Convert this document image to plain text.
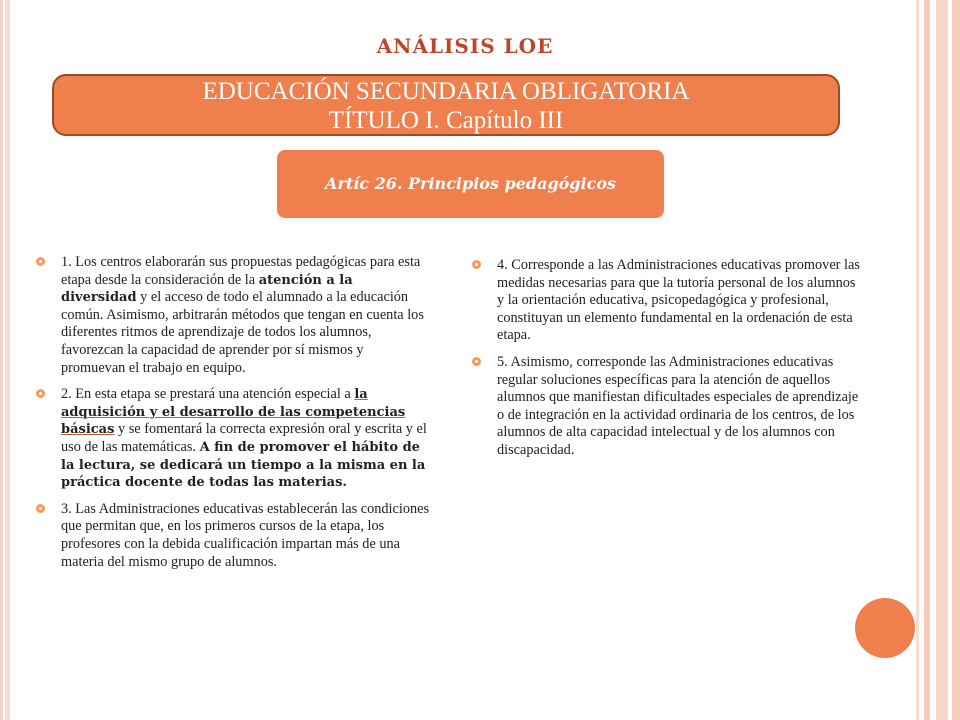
ANÁLISIS LOE
EDUCACIÓN SECUNDARIA OBLIGATORIA
TÍTULO I. Capítulo III
Artíc 26. Principios pedagógicos
1. Los centros elaborarán sus propuestas pedagógicas para esta etapa desde la consideración de la atención a la diversidad y el acceso de todo el alumnado a la educación común. Asimismo, arbitrarán métodos que tengan en cuenta los diferentes ritmos de aprendizaje de todos los alumnos, favorezcan la capacidad de aprender por sí mismos y promuevan el trabajo en equipo.
2. En esta etapa se prestará una atención especial a la adquisición y el desarrollo de las competencias básicas y se fomentará la correcta expresión oral y escrita y el uso de las matemáticas. A fin de promover el hábito de la lectura, se dedicará un tiempo a la misma en la práctica docente de todas las materias.
3. Las Administraciones educativas establecerán las condiciones que permitan que, en los primeros cursos de la etapa, los profesores con la debida cualificación impartan más de una materia del mismo grupo de alumnos.
4. Corresponde a las Administraciones educativas promover las medidas necesarias para que la tutoría personal de los alumnos y la orientación educativa, psicopedagógica y profesional, constituyan un elemento fundamental en la ordenación de esta etapa.
5. Asimismo, corresponde las Administraciones educativas regular soluciones específicas para la atención de aquellos alumnos que manifiestan dificultades especiales de aprendizaje o de integración en la actividad ordinaria de los centros, de los alumnos de alta capacidad intelectual y de los alumnos con discapacidad.
